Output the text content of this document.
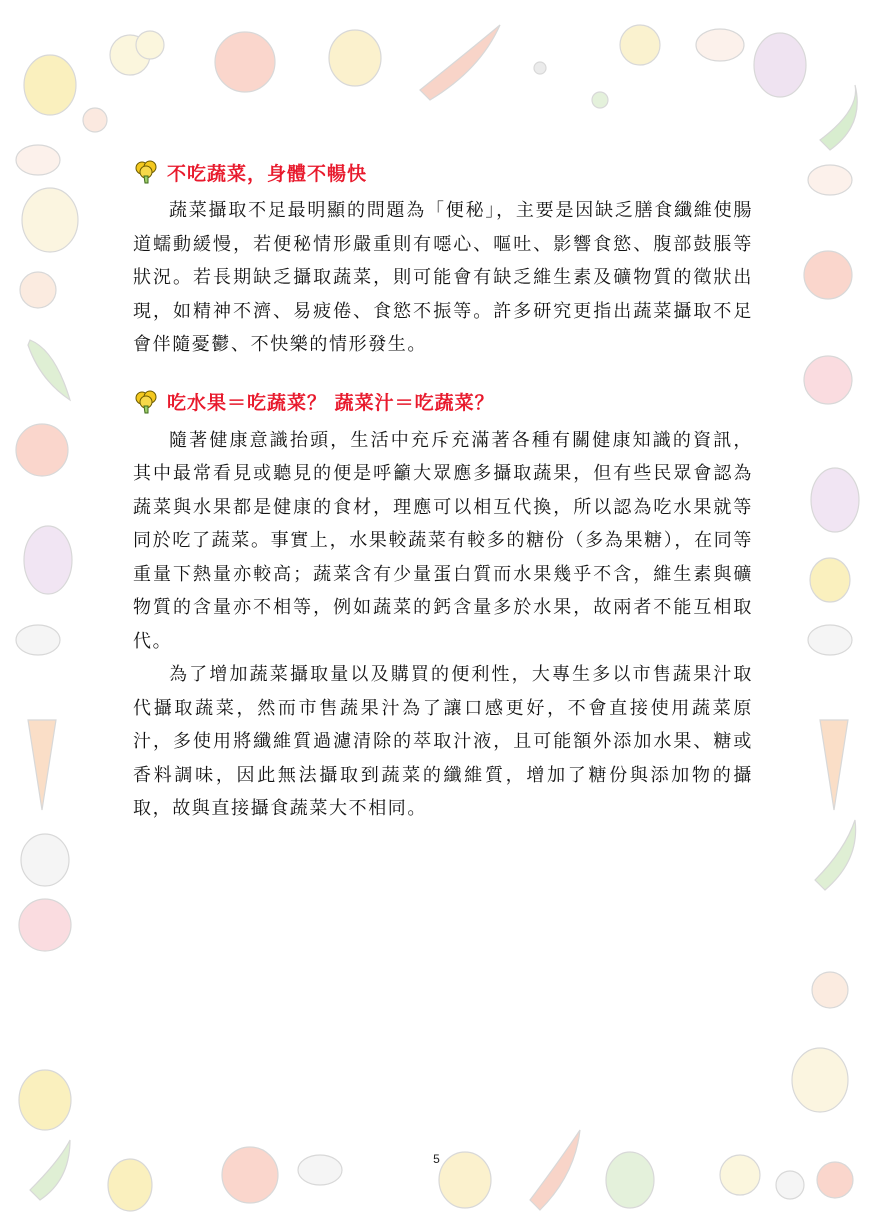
不吃蔬菜，身體不暢快

蔬菜攝取不足最明顯的問題為「便秘」，主要是因缺乏膳食纖維使腸道蠕動緩慢，若便秘情形嚴重則有噁心、嘔吐、影響食慾、腹部鼓脹等狀況。若長期缺乏攝取蔬菜，則可能會有缺乏維生素及礦物質的徵狀出現，如精神不濟、易疲倦、食慾不振等。許多研究更指出蔬菜攝取不足會伴隨憂鬱、不快樂的情形發生。

吃水果＝吃蔬菜？ 蔬菜汁＝吃蔬菜？

隨著健康意識抬頭，生活中充斥充滿著各種有關健康知識的資訊，其中最常看見或聽見的便是呼籲大眾應多攝取蔬果，但有些民眾會認為蔬菜與水果都是健康的食材，理應可以相互代換，所以認為吃水果就等同於吃了蔬菜。事實上，水果較蔬菜有較多的糖份（多為果糖），在同等重量下熱量亦較高；蔬菜含有少量蛋白質而水果幾乎不含，維生素與礦物質的含量亦不相等，例如蔬菜的鈣含量多於水果，故兩者不能互相取代。

為了增加蔬菜攝取量以及購買的便利性，大專生多以市售蔬果汁取代攝取蔬菜，然而市售蔬果汁為了讓口感更好，不會直接使用蔬菜原汁，多使用將纖維質過濾清除的萃取汁液，且可能額外添加水果、糖或香料調味，因此無法攝取到蔬菜的纖維質，增加了糖份與添加物的攝取，故與直接攝食蔬菜大不相同。

5
